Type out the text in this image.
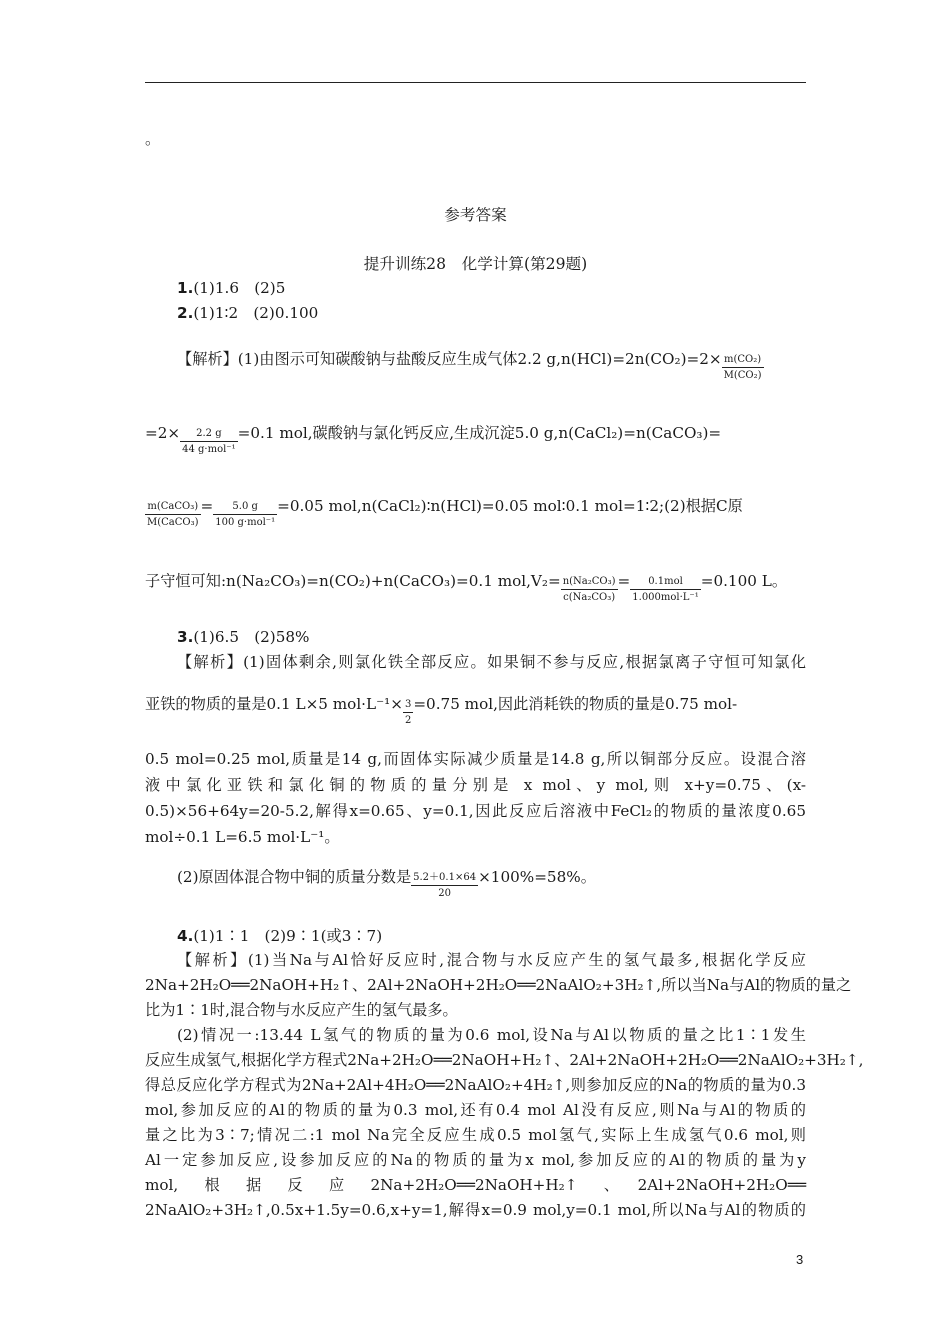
。
参考答案
提升训练28　化学计算(第29题)
1.(1)1.6　(2)5
2.(1)1∶2　(2)0.100
【解析】(1)由图示可知碳酸钠与盐酸反应生成气体2.2 $g,n(HCl)=2n(CO_2)=2\times \frac{\text{m(CO₂)}}{\text{M(CO₂)}}$
$=2\times \frac{2.2 g}{\text{44 g·mol⁻¹}} =0.1$ mol,碳酸钠与氯化钙反应,生成沉淀5.0 g,n(CaCl₂)=n(CaCO₃)=
$\frac{\text{m(CaCO₃)}}{\text{M(CaCO₃)}} = \frac{5.0 g}{\text{100 g·mol⁻¹}} =0.05$ mol,n(CaCl₂)∶n(HCl)=0.05 mol∶0.1 mol=1∶2;(2)根据C原
子守恒可知:n(Na₂CO₃)=n(CO₂)+n(CaCO₃)=0.1 $mol,V_2= \frac{\text{n(Na₂CO₃)}}{\text{c(Na₂CO₃)}} = \frac{\text{0.1mol}}{\text{1.000mol·L⁻¹}} =0.100$ L。
3.(1)6.5　(2)58%
【解析】(1)固体剩余,则氯化铁全部反应。如果铜不参与反应,根据氯离子守恒可知氯化
亚铁的物质的量是0.1 L×5 $mol\cdot L^{-1}\times \frac{3}{2} =0.75$ mol,因此消耗铁的物质的量是0.75 mol-
0.5 mol=0.25 mol,质量是14 g,而固体实际减少质量是14.8 g,所以铜部分反应。设混合溶
液中氯化亚铁和氯化铜的物质的量分别是 x mol、y mol,则 x+y=0.75、(x-
0.5)×56+64y=20-5.2,解得x=0.65、y=0.1,因此反应后溶液中FeCl₂的物质的量浓度0.65
mol÷0.1 L=6.5 mol·L⁻¹。
(2)原固体混合物中铜的质量分数是 $\frac{5.2+0.1\times 64}{20} \times 100\%=58\%$。
4.(1)1∶1　(2)9∶1(或3∶7)
【解析】(1)当Na与Al恰好反应时,混合物与水反应产生的氢气最多,根据化学反应
2Na+2H₂O══2NaOH+H₂↑、2Al+2NaOH+2H₂O══2NaAlO₂+3H₂↑,所以当Na与Al的物质的量之
比为1∶1时,混合物与水反应产生的氢气最多。
(2)情况一:13.44 L氢气的物质的量为0.6 mol,设Na与Al以物质的量之比1∶1发生
反应生成氢气,根据化学方程式2Na+2H₂O══2NaOH+H₂↑、2Al+2NaOH+2H₂O══2NaAlO₂+3H₂↑,
得总反应化学方程式为2Na+2Al+4H₂O══2NaAlO₂+4H₂↑,则参加反应的Na的物质的量为0.3
mol,参加反应的Al的物质的量为0.3 mol,还有0.4 mol Al没有反应,则Na与Al的物质的
量之比为3∶7;情况二:1 mol Na完全反应生成0.5 mol氢气,实际上生成氢气0.6 mol,则
Al一定参加反应,设参加反应的Na的物质的量为x mol,参加反应的Al的物质的量为y
mol,　根　据　反　应　2Na+2H₂O══2NaOH+H₂↑　、　2Al+2NaOH+2H₂O══
2NaAlO₂+3H₂↑,0.5x+1.5y=0.6,x+y=1,解得x=0.9 mol,y=0.1 mol,所以Na与Al的物质的
3
